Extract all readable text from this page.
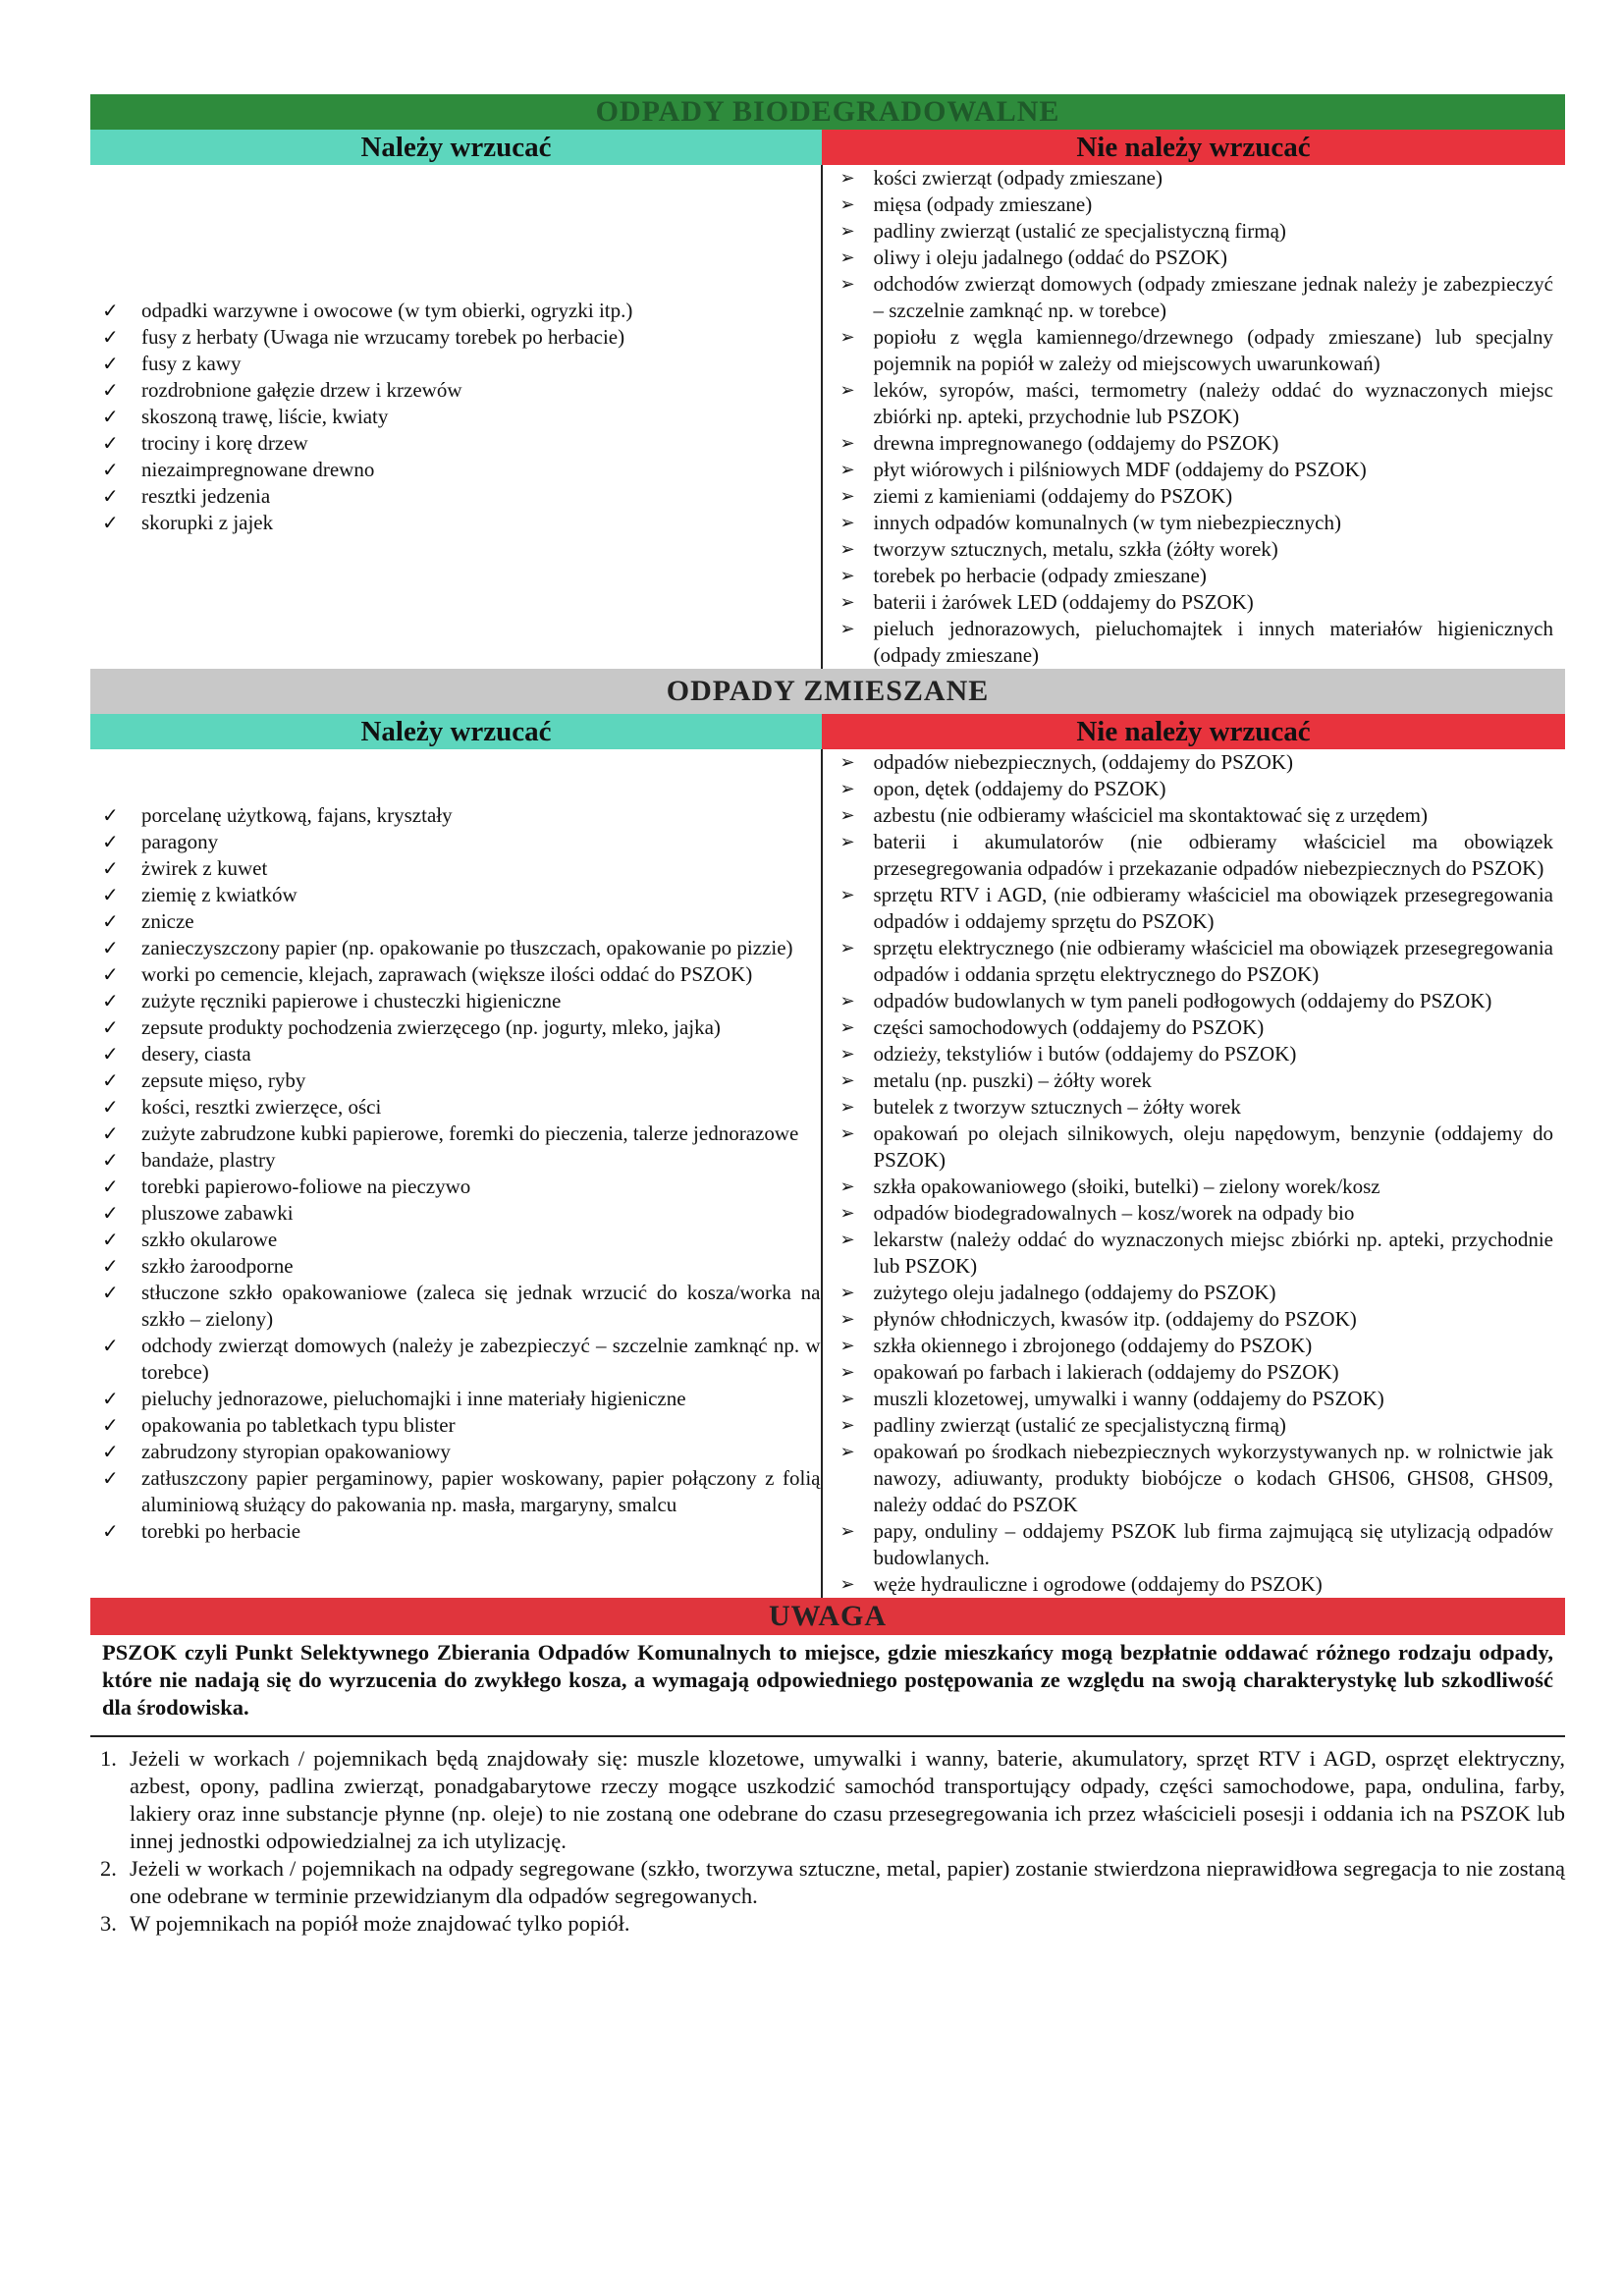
ODPADY BIODEGRADOWALNE
Należy wrzucać	Nie należy wrzucać
✓ odpadki warzywne i owocowe (w tym obierki, ogryzki itp.)
✓ fusy z herbaty (Uwaga nie wrzucamy torebek po herbacie)
✓ fusy z kawy
✓ rozdrobnione gałęzie drzew i krzewów
✓ skoszoną trawę, liście, kwiaty
✓ trociny i korę drzew
✓ niezaimpregnowane drewno
✓ resztki jedzenia
✓ skorupki z jajek
➢ kości zwierząt (odpady zmieszane)
➢ mięsa (odpady zmieszane)
➢ padliny zwierząt (ustalić ze specjalistyczną firmą)
➢ oliwy i oleju jadalnego (oddać do PSZOK)
➢ odchodów zwierząt domowych (odpady zmieszane jednak należy je zabezpieczyć – szczelnie zamknąć np. w torebce)
➢ popiołu z węgla kamiennego/drzewnego (odpady zmieszane) lub specjalny pojemnik na popiół w zależy od miejscowych uwarunkowań)
➢ leków, syropów, maści, termometry (należy oddać do wyznaczonych miejsc zbiórki np. apteki, przychodnie lub PSZOK)
➢ drewna impregnowanego (oddajemy do PSZOK)
➢ płyt wiórowych i pilśniowych MDF (oddajemy do PSZOK)
➢ ziemi z kamieniami (oddajemy do PSZOK)
➢ innych odpadów komunalnych (w tym niebezpiecznych)
➢ tworzyw sztucznych, metalu, szkła (żółty worek)
➢ torebek po herbacie (odpady zmieszane)
➢ baterii i żarówek LED (oddajemy do PSZOK)
➢ pieluch jednorazowych, pieluchomajtek i innych materiałów higienicznych (odpady zmieszane)
ODPADY ZMIESZANE
Należy wrzucać	Nie należy wrzucać
✓ porcelanę użytkową, fajans, kryształy
✓ paragony
✓ żwirek z kuwet
✓ ziemię z kwiatków
✓ znicze
✓ zanieczyszczony papier (np. opakowanie po tłuszczach, opakowanie po pizzie)
✓ worki po cemencie, klejach, zaprawach (większe ilości oddać do PSZOK)
✓ zużyte ręczniki papierowe i chusteczki higieniczne
✓ zepsute produkty pochodzenia zwierzęcego (np. jogurty, mleko, jajka)
✓ desery, ciasta
✓ zepsute mięso, ryby
✓ kości, resztki zwierzęce, ości
✓ zużyte zabrudzone kubki papierowe, foremki do pieczenia, talerze jednorazowe
✓ bandaże, plastry
✓ torebki papierowo-foliowe na pieczywo
✓ pluszowe zabawki
✓ szkło okularowe
✓ szkło żaroodporne
✓ stłuczone szkło opakowaniowe (zaleca się jednak wrzucić do kosza/worka na szkło – zielony)
✓ odchody zwierząt domowych (należy je zabezpieczyć – szczelnie zamknąć np. w torebce)
✓ pieluchy jednorazowe, pieluchomajki i inne materiały higieniczne
✓ opakowania po tabletkach typu blister
✓ zabrudzony styropian opakowaniowy
✓ zatłuszczony papier pergaminowy, papier woskowany, papier połączony z folią aluminiową służący do pakowania np. masła, margaryny, smalcu
✓ torebki po herbacie
➢ odpadów niebezpiecznych, (oddajemy do PSZOK)
➢ opon, dętek (oddajemy do PSZOK)
➢ azbestu (nie odbieramy właściciel ma skontaktować się z urzędem)
➢ baterii i akumulatorów (nie odbieramy właściciel ma obowiązek przesegregowania odpadów i przekazanie odpadów niebezpiecznych do PSZOK)
➢ sprzętu RTV i AGD, (nie odbieramy właściciel ma obowiązek przesegregowania odpadów i oddajemy sprzętu do PSZOK)
➢ sprzętu elektrycznego (nie odbieramy właściciel ma obowiązek przesegregowania odpadów i oddania sprzętu elektrycznego do PSZOK)
➢ odpadów budowlanych w tym paneli podłogowych (oddajemy do PSZOK)
➢ części samochodowych (oddajemy do PSZOK)
➢ odzieży, tekstyliów i butów (oddajemy do PSZOK)
➢ metalu (np. puszki) – żółty worek
➢ butelek z tworzyw sztucznych – żółty worek
➢ opakowań po olejach silnikowych, oleju napędowym, benzynie (oddajemy do PSZOK)
➢ szkła opakowaniowego (słoiki, butelki) – zielony worek/kosz
➢ odpadów biodegradowalnych – kosz/worek na odpady bio
➢ lekarstw (należy oddać do wyznaczonych miejsc zbiórki np. apteki, przychodnie lub PSZOK)
➢ zużytego oleju jadalnego (oddajemy do PSZOK)
➢ płynów chłodniczych, kwasów itp. (oddajemy do PSZOK)
➢ szkła okiennego i zbrojonego (oddajemy do PSZOK)
➢ opakowań po farbach i lakierach (oddajemy do PSZOK)
➢ muszli klozetowej, umywalki i wanny (oddajemy do PSZOK)
➢ padliny zwierząt (ustalić ze specjalistyczną firmą)
➢ opakowań po środkach niebezpiecznych wykorzystywanych np. w rolnictwie jak nawozy, adiuwanty, produkty biobójcze o kodach GHS06, GHS08, GHS09, należy oddać do PSZOK
➢ papy, onduliny – oddajemy PSZOK lub firma zajmującą się utylizacją odpadów budowlanych.
➢ węże hydrauliczne i ogrodowe (oddajemy do PSZOK)
UWAGA
PSZOK czyli Punkt Selektywnego Zbierania Odpadów Komunalnych to miejsce, gdzie mieszkańcy mogą bezpłatnie oddawać różnego rodzaju odpady, które nie nadają się do wyrzucenia do zwykłego kosza, a wymagają odpowiedniego postępowania ze względu na swoją charakterystykę lub szkodliwość dla środowiska.
1. Jeżeli w workach / pojemnikach będą znajdowały się: muszle klozetowe, umywalki i wanny, baterie, akumulatory, sprzęt RTV i AGD, osprzęt elektryczny, azbest, opony, padlina zwierząt, ponadgabarytowe rzeczy mogące uszkodzić samochód transportujący odpady, części samochodowe, papa, ondulina, farby, lakiery oraz inne substancje płynne (np. oleje) to nie zostaną one odebrane do czasu przesegregowania ich przez właścicieli posesji i oddania ich na PSZOK lub innej jednostki odpowiedzialnej za ich utylizację.
2. Jeżeli w workach / pojemnikach na odpady segregowane (szkło, tworzywa sztuczne, metal, papier) zostanie stwierdzona nieprawidłowa segregacja to nie zostaną one odebrane w terminie przewidzianym dla odpadów segregowanych.
3. W pojemnikach na popiół może znajdować tylko popiół.
